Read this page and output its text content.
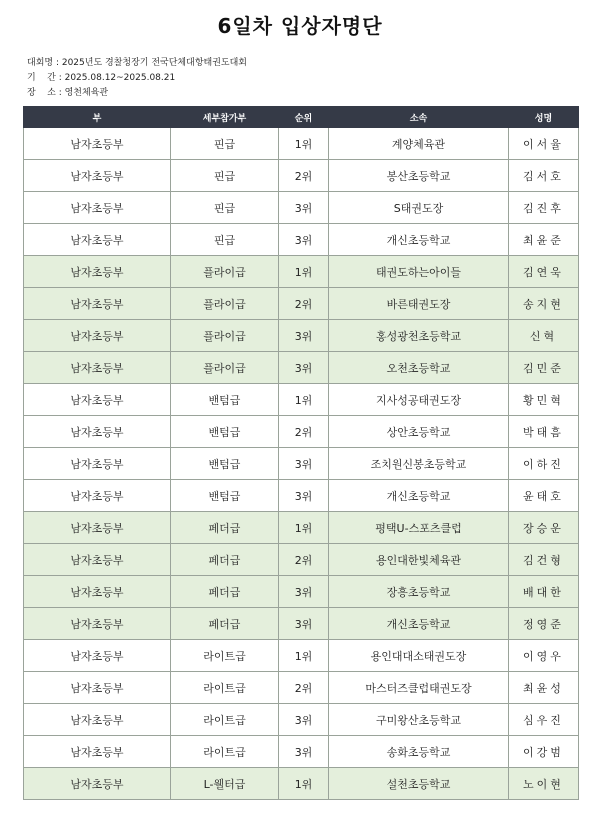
6일차 입상자명단
대회명 : 2025년도 경찰청장기 전국단체대항태권도대회
기    간 : 2025.08.12~2025.08.21
장    소 : 영천체육관
부	세부참가부	순위	소속	성명
남자초등부	핀급	1위	계양체육관	이서율
남자초등부	핀급	2위	봉산초등학교	김서호
남자초등부	핀급	3위	S태권도장	김진후
남자초등부	핀급	3위	개신초등학교	최윤준
남자초등부	플라이급	1위	태권도하는아이들	김연욱
남자초등부	플라이급	2위	바른태권도장	송지현
남자초등부	플라이급	3위	홍성광천초등학교	신혁
남자초등부	플라이급	3위	오천초등학교	김민준
남자초등부	밴텀급	1위	지사성공태권도장	황민혁
남자초등부	밴텀급	2위	상안초등학교	박태흠
남자초등부	밴텀급	3위	조치원신봉초등학교	이하진
남자초등부	밴텀급	3위	개신초등학교	윤태호
남자초등부	페더급	1위	평택U-스포츠클럽	장승운
남자초등부	페더급	2위	용인대한빛체육관	김건형
남자초등부	페더급	3위	장흥초등학교	배대한
남자초등부	페더급	3위	개신초등학교	정영준
남자초등부	라이트급	1위	용인대대소태권도장	이영우
남자초등부	라이트급	2위	마스터즈클럽태권도장	최윤성
남자초등부	라이트급	3위	구미왕산초등학교	심우진
남자초등부	라이트급	3위	송화초등학교	이강범
남자초등부	L-웰터급	1위	설천초등학교	노이현
